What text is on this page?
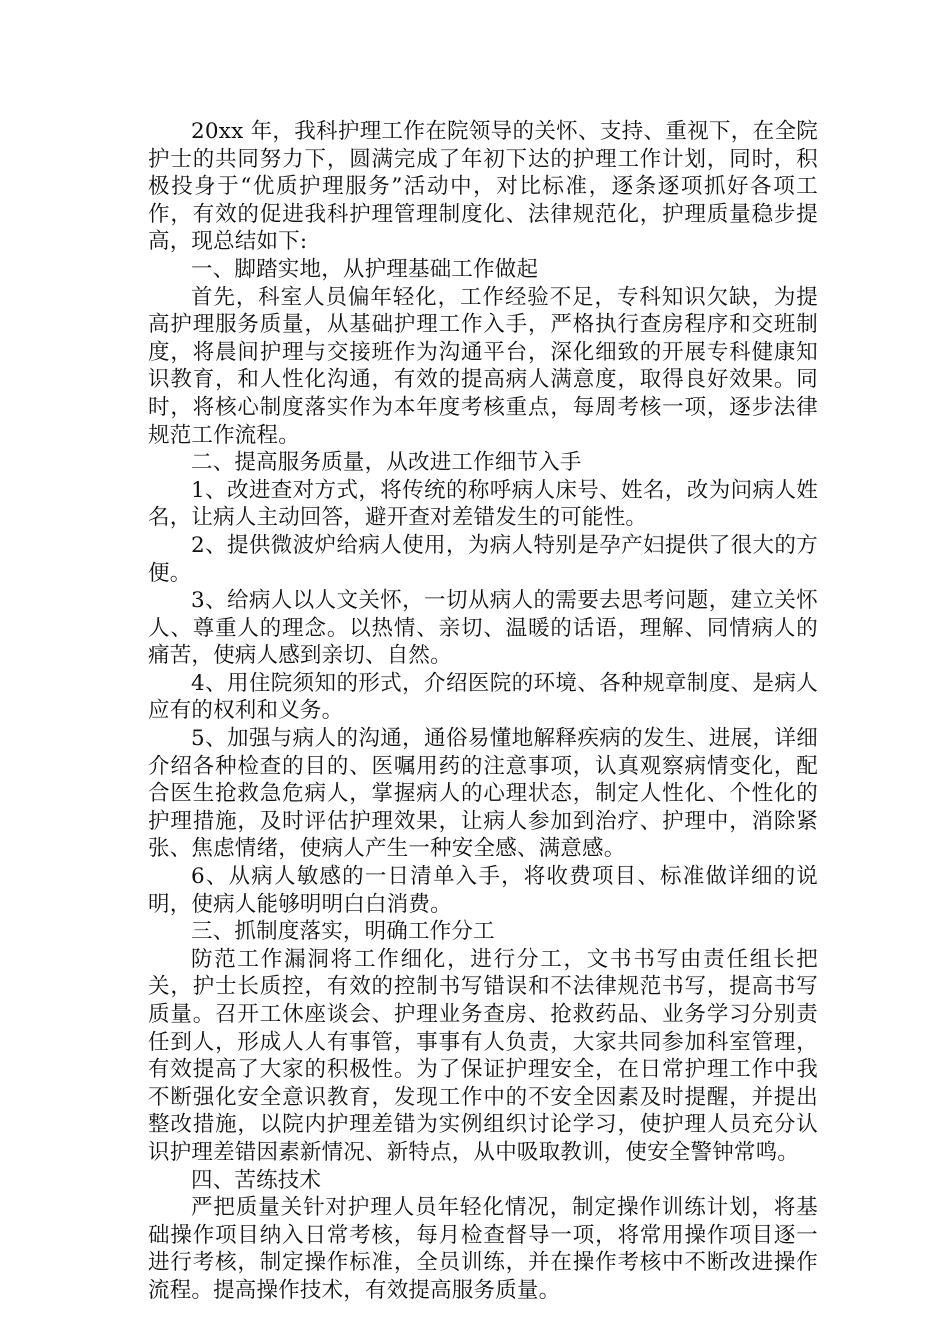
20xx 年，我科护理工作在院领导的关怀、支持、重视下，在全院护士的共同努力下，圆满完成了年初下达的护理工作计划，同时，积极投身于“优质护理服务”活动中，对比标准，逐条逐项抓好各项工作，有效的促进我科护理管理制度化、法律规范化，护理质量稳步提高，现总结如下:

一、脚踏实地，从护理基础工作做起

首先，科室人员偏年轻化，工作经验不足，专科知识欠缺，为提高护理服务质量，从基础护理工作入手，严格执行查房程序和交班制度，将晨间护理与交接班作为沟通平台，深化细致的开展专科健康知识教育，和人性化沟通，有效的提高病人满意度，取得良好效果。同时，将核心制度落实作为本年度考核重点，每周考核一项，逐步法律规范工作流程。

二、提高服务质量，从改进工作细节入手

1、改进查对方式，将传统的称呼病人床号、姓名，改为问病人姓名，让病人主动回答，避开查对差错发生的可能性。

2、提供微波炉给病人使用，为病人特别是孕产妇提供了很大的方便。

3、给病人以人文关怀，一切从病人的需要去思考问题，建立关怀人、尊重人的理念。以热情、亲切、温暖的话语，理解、同情病人的痛苦，使病人感到亲切、自然。

4、用住院须知的形式，介绍医院的环境、各种规章制度、是病人应有的权利和义务。

5、加强与病人的沟通，通俗易懂地解释疾病的发生、进展，详细介绍各种检查的目的、医嘱用药的注意事项，认真观察病情变化，配合医生抢救急危病人，掌握病人的心理状态，制定人性化、个性化的护理措施，及时评估护理效果，让病人参加到治疗、护理中，消除紧张、焦虑情绪，使病人产生一种安全感、满意感。

6、从病人敏感的一日清单入手，将收费项目、标准做详细的说明，使病人能够明明白白消费。

三、抓制度落实，明确工作分工

防范工作漏洞将工作细化，进行分工，文书书写由责任组长把关，护士长质控，有效的控制书写错误和不法律规范书写，提高书写质量。召开工休座谈会、护理业务查房、抢救药品、业务学习分别责任到人，形成人人有事管，事事有人负责，大家共同参加科室管理，有效提高了大家的积极性。为了保证护理安全，在日常护理工作中我不断强化安全意识教育，发现工作中的不安全因素及时提醒，并提出整改措施，以院内护理差错为实例组织讨论学习，使护理人员充分认识护理差错因素新情况、新特点，从中吸取教训，使安全警钟常鸣。

四、苦练技术

严把质量关针对护理人员年轻化情况，制定操作训练计划，将基础操作项目纳入日常考核，每月检查督导一项，将常用操作项目逐一进行考核，制定操作标准，全员训练，并在操作考核中不断改进操作流程。提高操作技术，有效提高服务质量。
